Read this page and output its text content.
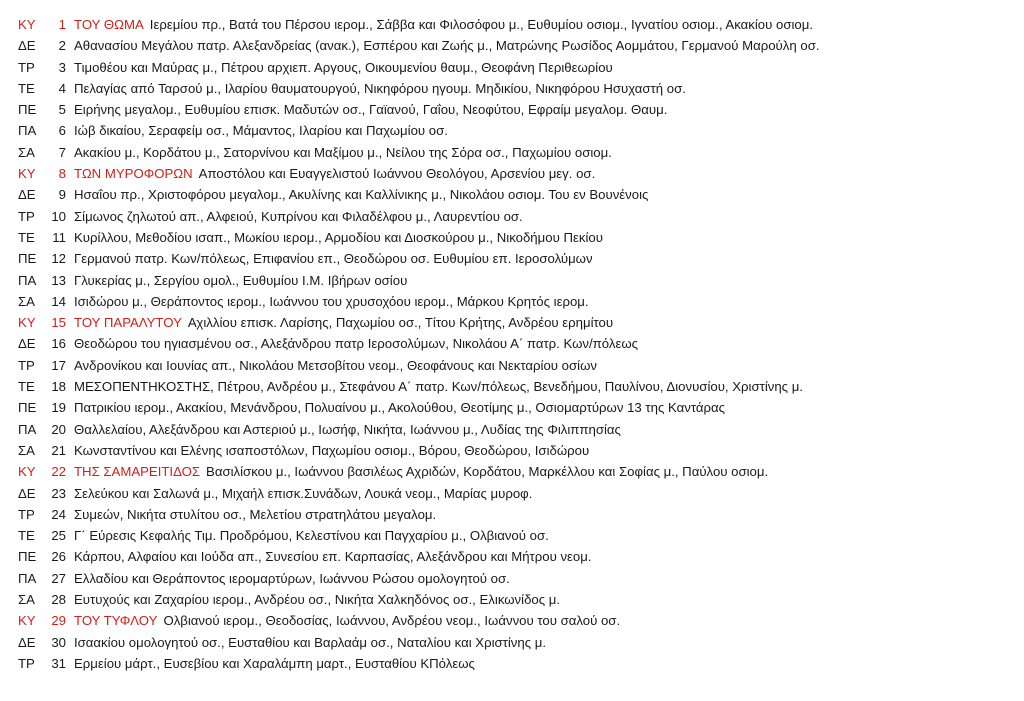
ΚΥ	1 ΤΟΥ ΘΩΜΑ Ιερεμίου πρ., Βατά του Πέρσου ιερομ., Σάββα και Φιλοσόφου μ., Ευθυμίου οσιομ., Ιγνατίου οσιομ., Ακακίου οσιομ.
ΔΕ	2 Αθανασίου Μεγάλου πατρ. Αλεξανδρείας (ανακ.), Εσπέρου και Ζωής μ., Ματρώνης Ρωσίδος Αομμάτου, Γερμανού Μαρούλη οσ.
ΤΡ	3 Τιμοθέου και Μαύρας μ., Πέτρου αρχιεπ. Αργους, Οικουμενίου θαυμ., Θεοφάνη Περιθεωρίου
ΤΕ	4 Πελαγίας από Ταρσού μ., Ιλαρίου θαυματουργού, Νικηφόρου ηγουμ. Μηδικίου, Νικηφόρου Ησυχαστή οσ.
ΠΕ	5 Ειρήνης μεγαλομ., Ευθυμίου επισκ. Μαδυτών οσ., Γαϊανού, Γαΐου, Νεοφύτου, Εφραίμ μεγαλομ. Θαυμ.
ΠΑ	6 Ιώβ δικαίου, Σεραφείμ οσ., Μάμαντος, Ιλαρίου και Παχωμίου οσ.
ΣΑ	7 Ακακίου μ., Κορδάτου μ., Σατορνίνου και Μαξίμου μ., Νείλου της Σόρα οσ., Παχωμίου οσιομ.
ΚΥ	8 ΤΩΝ ΜΥΡΟΦΟΡΩΝ Αποστόλου και Ευαγγελιστού Ιωάννου Θεολόγου, Αρσενίου μεγ. οσ.
ΔΕ	9 Ησαΐου πρ., Χριστοφόρου μεγαλομ., Ακυλίνης και Καλλίνικης μ., Νικολάου οσιομ. Του εν Βουνένοις
ΤΡ	10 Σίμωνος ζηλωτού απ., Αλφειού, Κυπρίνου και Φιλαδέλφου μ., Λαυρεντίου οσ.
ΤΕ	11 Κυρίλλου, Μεθοδίου ισαπ., Μωκίου ιερομ., Αρμοδίου και Διοσκούρου μ., Νικοδήμου Πεκίου
ΠΕ	12 Γερμανού πατρ. Κων/πόλεως, Επιφανίου επ., Θεοδώρου οσ. Ευθυμίου επ. Ιεροσολύμων
ΠΑ	13 Γλυκερίας μ., Σεργίου ομολ., Ευθυμίου Ι.Μ. Ιβήρων οσίου
ΣΑ	14 Ισιδώρου μ., Θεράποντος ιερομ., Ιωάννου του χρυσοχόου ιερομ., Μάρκου Κρητός ιερομ.
ΚΥ	15 ΤΟΥ ΠΑΡΑΛΥΤΟΥ Αχιλλίου επισκ. Λαρίσης, Παχωμίου οσ., Τίτου Κρήτης, Ανδρέου ερημίτου
ΔΕ	16 Θεοδώρου του ηγιασμένου οσ., Αλεξάνδρου πατρ Ιεροσολύμων, Νικολάου Α΄ πατρ. Κων/πόλεως
ΤΡ	17 Ανδρονίκου και Ιουνίας απ., Νικολάου Μετσοβίτου νεομ., Θεοφάνους και Νεκταρίου οσίων
ΤΕ	18 ΜΕΣΟΠΕΝΤΗΚΟΣΤΗΣ, Πέτρου, Ανδρέου μ., Στεφάνου Α΄ πατρ. Κων/πόλεως, Βενεδήμου, Παυλίνου, Διονυσίου, Χριστίνης μ.
ΠΕ	19 Πατρικίου ιερομ., Ακακίου, Μενάνδρου, Πολυαίνου μ., Ακολούθου, Θεοτίμης μ., Οσιομαρτύρων 13 της Καντάρας
ΠΑ	20 Θαλλελαίου, Αλεξάνδρου και Αστεριού μ., Ιωσήφ, Νικήτα, Ιωάννου μ., Λυδίας της Φιλιππησίας
ΣΑ	21 Κωνσταντίνου και Ελένης ισαποστόλων, Παχωμίου οσιομ., Βόρου, Θεοδώρου, Ισιδώρου
ΚΥ	22 ΤΗΣ ΣΑΜΑΡΕΙΤΙΔΟΣ Βασιλίσκου μ., Ιωάννου βασιλέως Αχριδών, Κορδάτου, Μαρκέλλου και Σοφίας μ., Παύλου οσιομ.
ΔΕ	23 Σελεύκου και Σαλωνά μ., Μιχαήλ επισκ.Συνάδων, Λουκά νεομ., Μαρίας μυροφ.
ΤΡ	24 Συμεών, Νικήτα στυλίτου οσ., Μελετίου στρατηλάτου μεγαλομ.
ΤΕ	25 Γ΄ Εύρεσις Κεφαλής Τιμ. Προδρόμου, Κελεστίνου και Παγχαρίου μ., Ολβιανού οσ.
ΠΕ	26 Κάρπου, Αλφαίου και Ιούδα απ., Συνεσίου επ. Καρπασίας, Αλεξάνδρου και Μήτρου νεομ.
ΠΑ	27 Ελλαδίου και Θεράποντος ιερομαρτύρων, Ιωάννου Ρώσου ομολογητού οσ.
ΣΑ	28 Ευτυχούς και Ζαχαρίου ιερομ., Ανδρέου οσ., Νικήτα Χαλκηδόνος οσ., Ελικωνίδος μ.
ΚΥ	29 ΤΟΥ ΤΥΦΛΟΥ Ολβιανού ιερομ., Θεοδοσίας, Ιωάννου, Ανδρέου νεομ., Ιωάννου του σαλού οσ.
ΔΕ	30 Ισαακίου ομολογητού οσ., Ευσταθίου και Βαρλαάμ οσ., Ναταλίου και Χριστίνης μ.
ΤΡ	31 Ερμείου μάρτ., Ευσεβίου και Χαραλάμπη μαρτ., Ευσταθίου ΚΠόλεως
